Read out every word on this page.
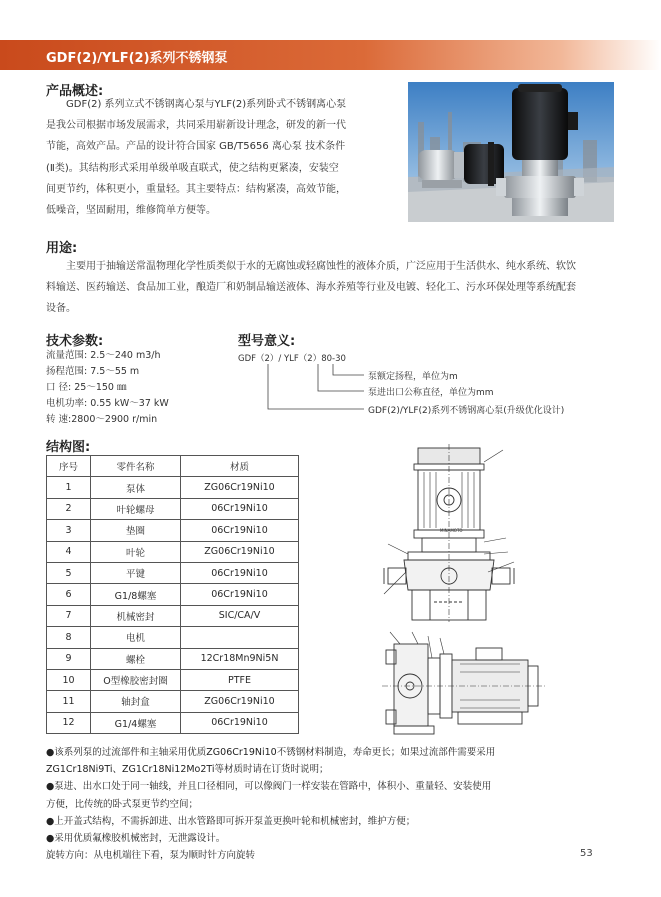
GDF(2)/YLF(2)系列不锈钢泵
产品概述:
GDF(2) 系列立式不锈钢离心泵与YLF(2)系列卧式不锈钢离心泵
是我公司根据市场发展需求，共同采用崭新设计理念，研发的新一代
节能，高效产品。产品的设计符合国家 GB/T5656 离心泵 技术条件
(Ⅱ类)。其结构形式采用单级单吸直联式，使之结构更紧凑，安装空
间更节约，体积更小，重量轻。其主要特点：结构紧凑，高效节能，
低噪音，坚固耐用，维修简单方便等。
用途:
主要用于抽输送常温物理化学性质类似于水的无腐蚀或轻腐蚀性的液体介质，广泛应用于生活供水、纯水系统、软饮
料输送、医药输送、食品加工业，酿造厂和奶制品输送液体、海水养殖等行业及电镀、轻化工、污水环保处理等系统配套
设备。
技术参数:
流量范围: 2.5～240 m3/h
扬程范围: 7.5～55 m
口 径: 25～150 ㎜
电机功率: 0.55 kW～37 kW
转 速:2800～2900 r/min
型号意义:
GDF（2）/ YLF（2）80-30
泵额定扬程，单位为m
泵进出口公称直径，单位为mm
GDF(2)/YLF(2)系列不锈钢离心泵(升级优化设计)
结构图:
序号	零件名称	材质
1	泵体	ZG06Cr19Ni10
2	叶轮螺母	06Cr19Ni10
3	垫圈	06Cr19Ni10
4	叶轮	ZG06Cr19Ni10
5	平键	06Cr19Ni10
6	G1/8螺塞	06Cr19Ni10
7	机械密封	SIC/CA/V
8	电机	
9	螺栓	12Cr18Mn9Ni5N
10	O型橡胶密封圈	PTFE
11	轴封盒	ZG06Cr19Ni10
12	G1/4螺塞	06Cr19Ni10
MINAMOTO
●该系列泵的过流部件和主轴采用优质ZG06Cr19Ni10不锈钢材料制造，寿命更长；如果过流部件需要采用
ZG1Cr18Ni9Ti、ZG1Cr18Ni12Mo2Ti等材质时请在订货时说明；
●泵进、出水口处于同一轴线，并且口径相同，可以像阀门一样安装在管路中，体积小、重量轻、安装使用
方便，比传统的卧式泵更节约空间；
●上开盖式结构，不需拆卸进、出水管路即可拆开泵盖更换叶轮和机械密封，维护方便；
●采用优质氟橡胶机械密封，无泄露设计。
旋转方向：从电机端往下看，泵为顺时针方向旋转	53
